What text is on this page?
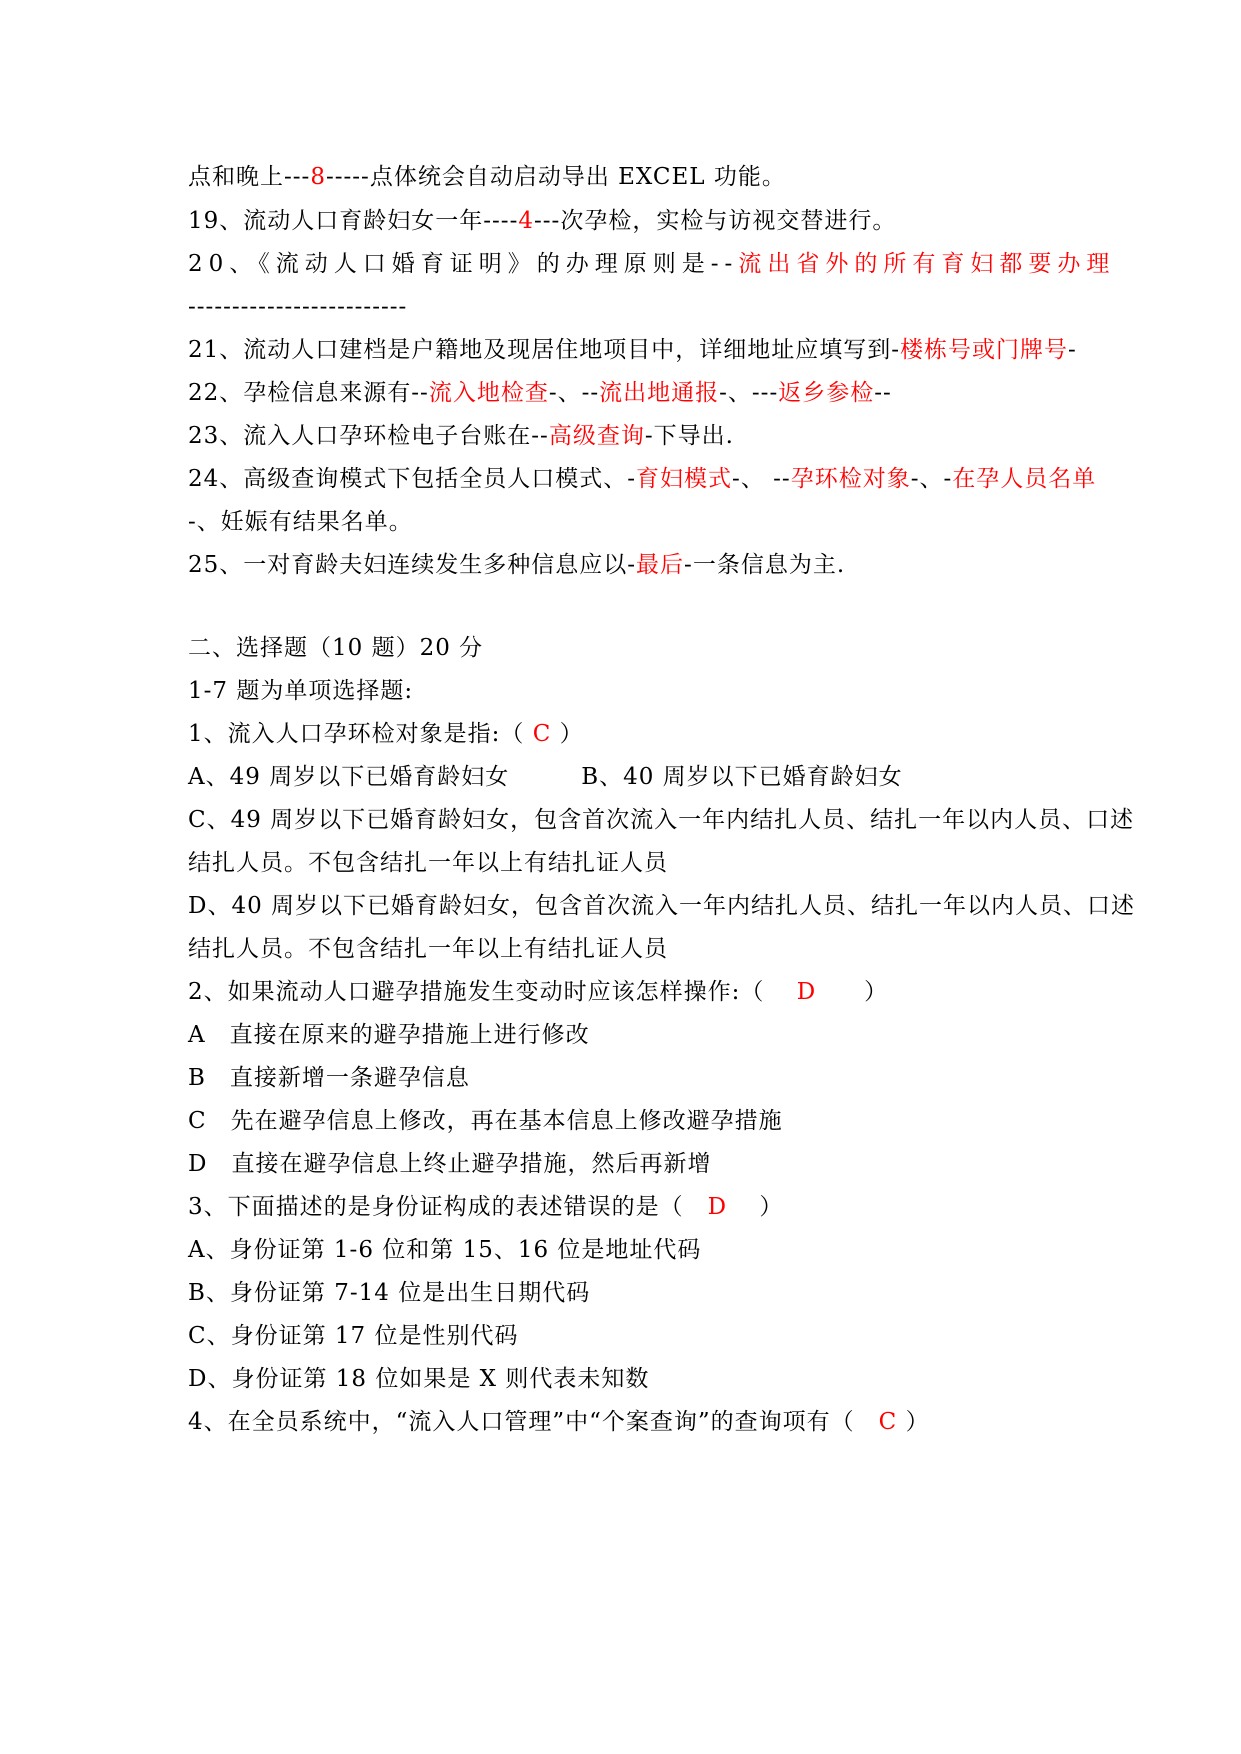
点和晚上---8-----点体统会自动启动导出 EXCEL 功能。
19、流动人口育龄妇女一年----4---次孕检，实检与访视交替进行。
20、《流动人口婚育证明》的办理原则是--流出省外的所有育妇都要办理
-------------------------
21、流动人口建档是户籍地及现居住地项目中，详细地址应填写到-楼栋号或门牌号-
22、孕检信息来源有--流入地检查-、--流出地通报-、---返乡参检--
23、流入人口孕环检电子台账在--高级查询-下导出.
24、高级查询模式下包括全员人口模式、-育妇模式-、 --孕环检对象-、-在孕人员名单
-、妊娠有结果名单。
25、一对育龄夫妇连续发生多种信息应以-最后-一条信息为主.
二、选择题（10 题）20 分
1-7 题为单项选择题:
1、流入人口孕环检对象是指:（ C ）
A、49 周岁以下已婚育龄妇女　　　B、40 周岁以下已婚育龄妇女
C、49 周岁以下已婚育龄妇女，包含首次流入一年内结扎人员、结扎一年以内人员、口述
结扎人员。不包含结扎一年以上有结扎证人员
D、40 周岁以下已婚育龄妇女，包含首次流入一年内结扎人员、结扎一年以内人员、口述
结扎人员。不包含结扎一年以上有结扎证人员
2、如果流动人口避孕措施发生变动时应该怎样操作:（　 D　　）
A　直接在原来的避孕措施上进行修改
B　直接新增一条避孕信息
C　先在避孕信息上修改，再在基本信息上修改避孕措施
D　直接在避孕信息上终止避孕措施，然后再新增
3、下面描述的是身份证构成的表述错误的是（　D　 ）
A、身份证第 1-6 位和第 15、16 位是地址代码
B、身份证第 7-14 位是出生日期代码
C、身份证第 17 位是性别代码
D、身份证第 18 位如果是 X 则代表未知数
4、在全员系统中，“流入人口管理”中“个案查询”的查询项有（　C ）
